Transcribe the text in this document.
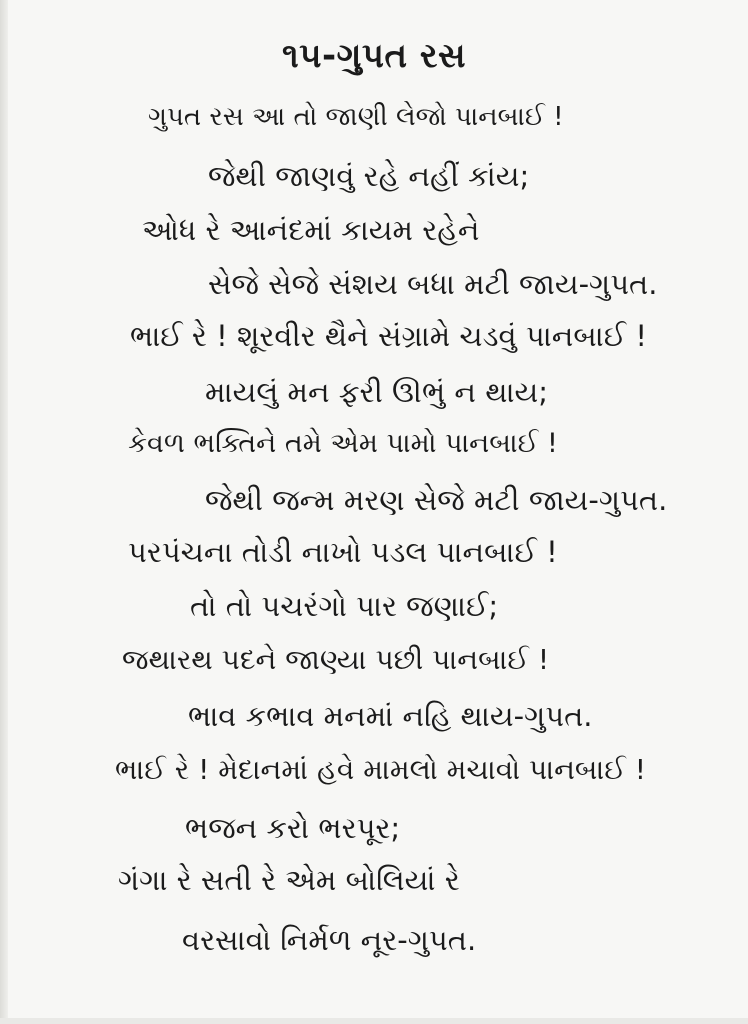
૧૫-ગુપત રસ
ગુપત રસ આ તો જાણી લેજો પાનબાઈ !
જેથી જાણવું રહે નહીં કાંય;
ઓધ રે આનંદમાં કાયમ રહેને
સેજે સેજે સંશય બધા મટી જાય-ગુપત.
ભાઈ રે ! શૂરવીર થૈને સંગ્રામે ચડવું પાનબાઈ !
માયલું મન ફરી ઊભું ન થાય;
કેવળ ભક્તિને તમે એમ પામો પાનબાઈ !
જેથી જન્મ મરણ સેજે મટી જાય-ગુપત.
પરપંચના તોડી નાખો પડલ પાનબાઈ !
તો તો પચરંગો પાર જણાઈ;
જથારથ પદને જાણ્યા પછી પાનબાઈ !
ભાવ કભાવ મનમાં નહિ થાય-ગુપત.
ભાઈ રે ! મેદાનમાં હવે મામલો મચાવો પાનબાઈ !
ભજન કરો ભરપૂર;
ગંગા રે સતી રે એમ બોલિયાં રે
વરસાવો નિર્મળ નૂર-ગુપત.
